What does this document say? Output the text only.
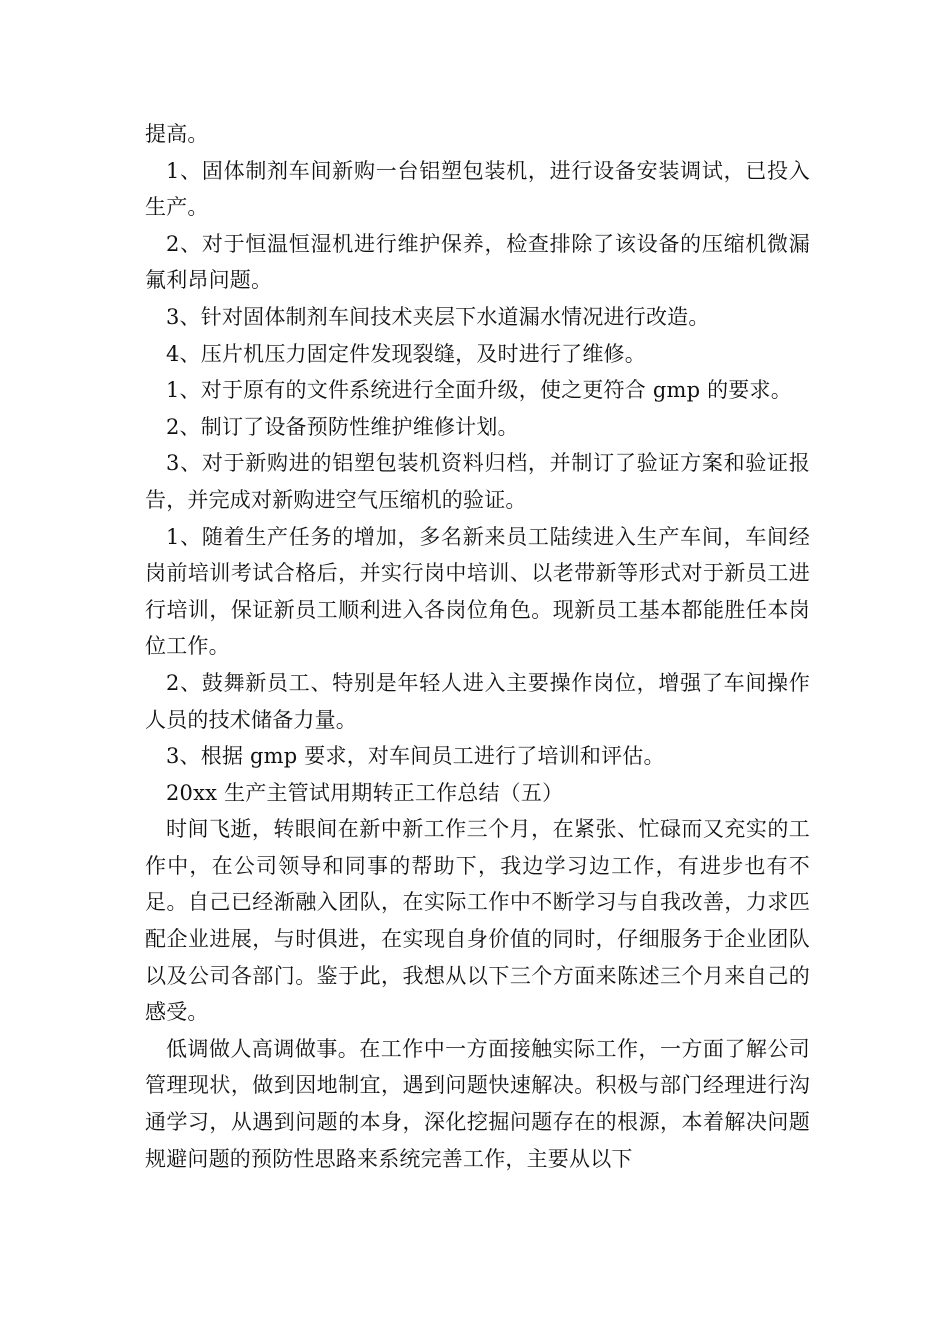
提高。

1、固体制剂车间新购一台铝塑包装机，进行设备安装调试，已投入生产。

2、对于恒温恒湿机进行维护保养，检查排除了该设备的压缩机微漏氟利昂问题。

3、针对固体制剂车间技术夹层下水道漏水情况进行改造。

4、压片机压力固定件发现裂缝，及时进行了维修。

1、对于原有的文件系统进行全面升级，使之更符合 gmp 的要求。

2、制订了设备预防性维护维修计划。

3、对于新购进的铝塑包装机资料归档，并制订了验证方案和验证报告，并完成对新购进空气压缩机的验证。

1、随着生产任务的增加，多名新来员工陆续进入生产车间，车间经岗前培训考试合格后，并实行岗中培训、以老带新等形式对于新员工进行培训，保证新员工顺利进入各岗位角色。现新员工基本都能胜任本岗位工作。

2、鼓舞新员工、特别是年轻人进入主要操作岗位，增强了车间操作人员的技术储备力量。

3、根据 gmp 要求，对车间员工进行了培训和评估。

20xx 生产主管试用期转正工作总结（五）

时间飞逝，转眼间在新中新工作三个月，在紧张、忙碌而又充实的工作中，在公司领导和同事的帮助下，我边学习边工作，有进步也有不足。自己已经渐融入团队，在实际工作中不断学习与自我改善，力求匹配企业进展，与时俱进，在实现自身价值的同时，仔细服务于企业团队以及公司各部门。鉴于此，我想从以下三个方面来陈述三个月来自己的感受。

低调做人高调做事。在工作中一方面接触实际工作，一方面了解公司管理现状，做到因地制宜，遇到问题快速解决。积极与部门经理进行沟通学习，从遇到问题的本身，深化挖掘问题存在的根源，本着解决问题规避问题的预防性思路来系统完善工作，主要从以下
